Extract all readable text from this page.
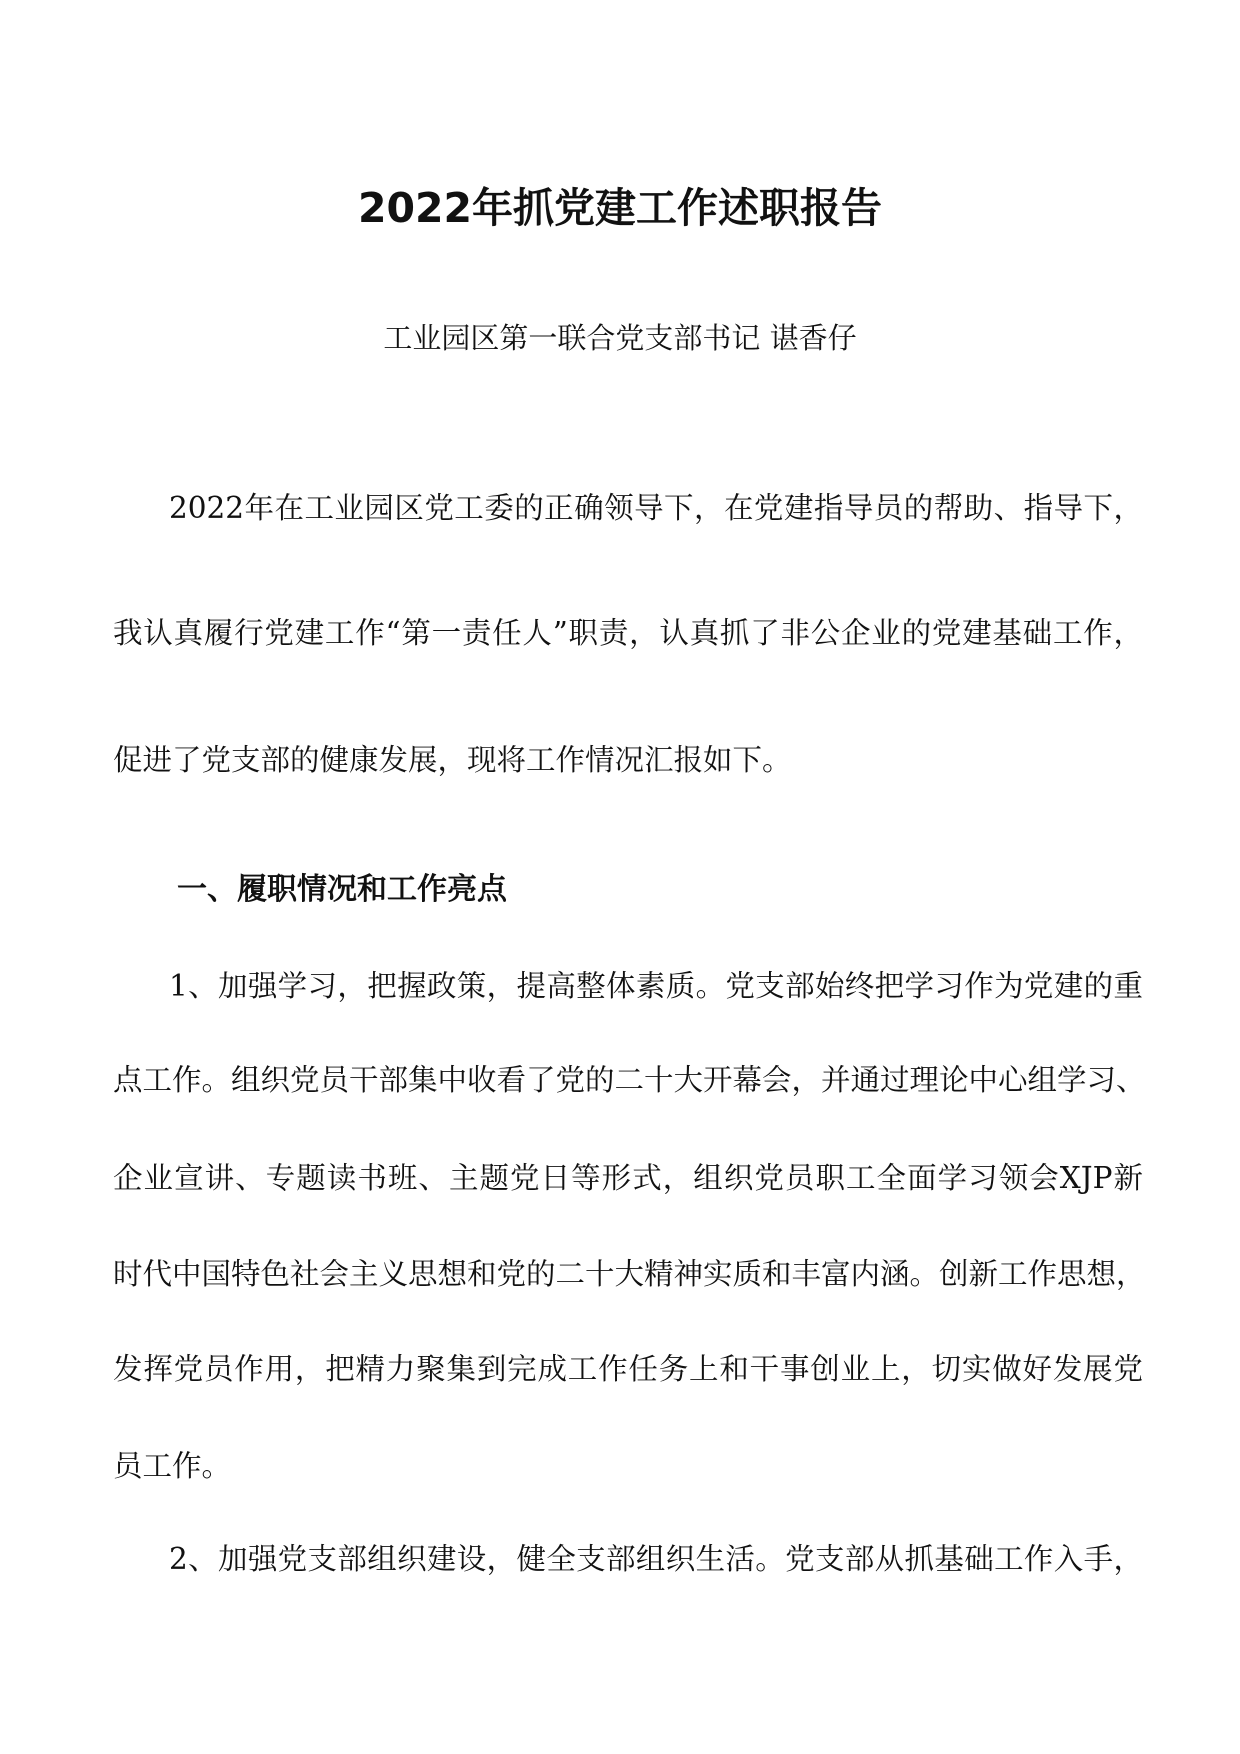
2022年抓党建工作述职报告
工业园区第一联合党支部书记 谌香仔
2022年在工业园区党工委的正确领导下，在党建指导员的帮助、指导下，
我认真履行党建工作“第一责任人”职责，认真抓了非公企业的党建基础工作，
促进了党支部的健康发展，现将工作情况汇报如下。
一、履职情况和工作亮点
1、加强学习，把握政策，提高整体素质。党支部始终把学习作为党建的重
点工作。组织党员干部集中收看了党的二十大开幕会，并通过理论中心组学习、
企业宣讲、专题读书班、主题党日等形式，组织党员职工全面学习领会XJP新
时代中国特色社会主义思想和党的二十大精神实质和丰富内涵。创新工作思想，
发挥党员作用，把精力聚集到完成工作任务上和干事创业上，切实做好发展党
员工作。
2、加强党支部组织建设，健全支部组织生活。党支部从抓基础工作入手，
